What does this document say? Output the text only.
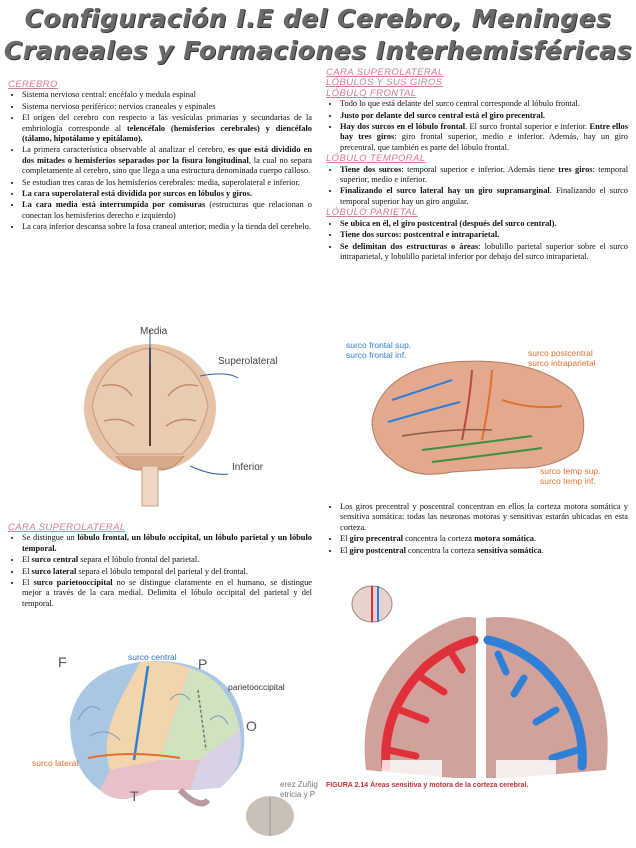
Configuración I.E del Cerebro, Meninges
Craneales y Formaciones Interhemisféricas
CEREBRO
• Sistema nervioso central: encéfalo y medula espinal
• Sistema nervioso periférico: nervios craneales y espinales
• El origen del cerebro con respecto a las vesículas primarias y secundarias de la embriología corresponde al telencéfalo (hemisferios cerebrales) y diencéfalo (tálamo, hipotálamo y epitálamo).
• La primera característica observable al analizar el cerebro, es que está dividido en dos mitades o hemisferios separados por la fisura longitudinal, la cual no separa completamente al cerebro, sino que llega a una estructura denominada cuerpo calloso.
• Se estudian tres caras de los hemisferios cerebrales: media, superolateral e inferior.
• La cara superolateral está dividida por surcos en lóbulos y giros.
• La cara media está interrumpida por comisuras (estructuras que relacionan o conectan los hemisferios derecho e izquierdo)
• La cara inferior descansa sobre la fosa craneal anterior, media y la tienda del cerebelo.
Media
Superolateral
Inferior
CARA SUPEROLATERAL
• Se distingue un lóbulo frontal, un lóbulo occipital, un lóbulo parietal y un lóbulo temporal.
• El surco central separa el lóbulo frontal del parietal.
• El surco lateral separa el lóbulo temporal del parietal y del frontal.
• El surco parietooccipital no se distingue claramente en el humano, se distingue mejor a través de la cara medial. Delimita el lóbulo occipital del parietal y del temporal.
surco central
parietooccipital
surco lateral
F	P
O
T
erez Zuñig
etricia y P
CARA SUPEROLATERAL
LÓBULOS Y SUS GIROS
LÓBULO FRONTAL
• Todo lo que está delante del surco central corresponde al lóbulo frontal.
• Justo por delante del surco central está el giro precentral.
• Hay dos surcos en el lóbulo frontal. El surco frontal superior e inferior. Entre ellos hay tres giros: giro frontal superior, medio e inferior. Además, hay un giro precentral, que también es parte del lóbulo frontal.
LÓBULO TEMPORAL
• Tiene dos surcos: temporal superior e inferior. Además tiene tres giros: temporal superior, medio e inferior.
• Finalizando el surco lateral hay un giro supramarginal. Finalizando el surco temporal superior hay un giro angular.
LÓBULO PARIETAL
• Se ubica en él, el giro postcentral (después del surco central).
• Tiene dos surcos: postcentral e intraparietal.
• Se delimitan dos estructuras o áreas: lobulillo parietal superior sobre el surco intraparietal, y lobulillo parietal inferior por debajo del surco intraparietal.
surco frontal sup.
surco frontal inf.	surco postcentral
surco intraparietal
surco temp sup.
surco temp inf.
• Los giros precentral y poscentral concentran en ellos la corteza motora somática y sensitiva somática: todas las neuronas motoras y sensitivas estarán ubicadas en esta corteza.
• El giro precentral concentra la corteza motora somática.
• El giro postcentral concentra la corteza sensitiva somática.
FIGURA 2.14 Áreas sensitiva y motora de la corteza cerebral.
